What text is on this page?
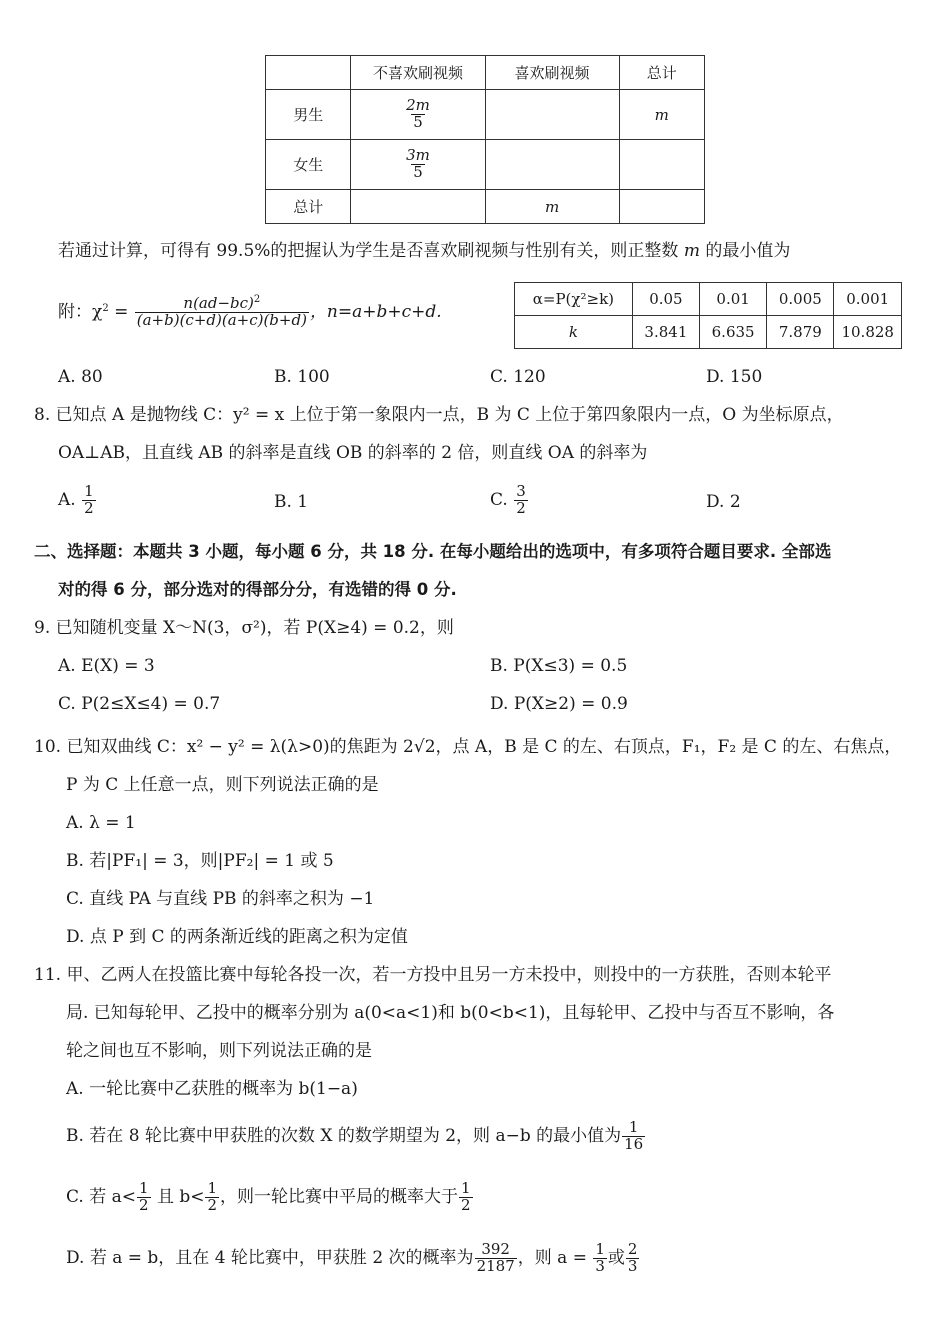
	不喜欢刷视频	喜欢刷视频	总计
男生	$\frac{2m}{5}$		m
女生	$\frac{3m}{5}$

总计		m	
若通过计算，可得有 99.5%的把握认为学生是否喜欢刷视频与性别有关，则正整数 m 的最小值为
附：$\chi^2 = \frac{n(ad-bc)^2}{(a+b)(c+d)(a+c)(b+d)}$ ，n=a+b+c+d.
α=P(χ²≥k)	0.05	0.01	0.005	0.001
k	3.841	6.635	7.879	10.828
A. 80	B. 100	C. 120	D. 150
8. 已知点 A 是抛物线 C：y² = x 上位于第一象限内一点，B 为 C 上位于第四象限内一点，O 为坐标原点，
OA⊥AB，且直线 AB 的斜率是直线 OB 的斜率的 2 倍，则直线 OA 的斜率为
A. $\frac{1}{2}$	B. 1	C. $\frac{3}{2}$	D. 2
二、选择题：本题共 3 小题，每小题 6 分，共 18 分. 在每小题给出的选项中，有多项符合题目要求. 全部选
对的得 6 分，部分选对的得部分分，有选错的得 0 分.
9. 已知随机变量 X～N(3，σ²)，若 P(X≥4) = 0.2，则
A. E(X) = 3	B. P(X≤3) = 0.5
C. P(2≤X≤4) = 0.7	D. P(X≥2) = 0.9
10. 已知双曲线 C：x² − y² = λ(λ>0)的焦距为 2√2，点 A，B 是 C 的左、右顶点，F₁，F₂ 是 C 的左、右焦点，
P 为 C 上任意一点，则下列说法正确的是
A. λ = 1
B. 若|PF₁| = 3，则|PF₂| = 1 或 5
C. 直线 PA 与直线 PB 的斜率之积为 −1
D. 点 P 到 C 的两条渐近线的距离之积为定值
11. 甲、乙两人在投篮比赛中每轮各投一次，若一方投中且另一方未投中，则投中的一方获胜，否则本轮平
局. 已知每轮甲、乙投中的概率分别为 a(0<a<1)和 b(0<b<1)，且每轮甲、乙投中与否互不影响，各
轮之间也互不影响，则下列说法正确的是
A. 一轮比赛中乙获胜的概率为 b(1−a)
B. 若在 8 轮比赛中甲获胜的次数 X 的数学期望为 2，则 a−b 的最小值为 $\frac{1}{16}$
C. 若 $a< \frac{1}{2}$ 且 $b< \frac{1}{2}$ ，则一轮比赛中平局的概率大于 $\frac{1}{2}$
D. 若 a = b，且在 4 轮比赛中，甲获胜 2 次的概率为 $\frac{392}{2187}$ ，则 $a = \frac{1}{3}$ 或 $\frac{2}{3}$
